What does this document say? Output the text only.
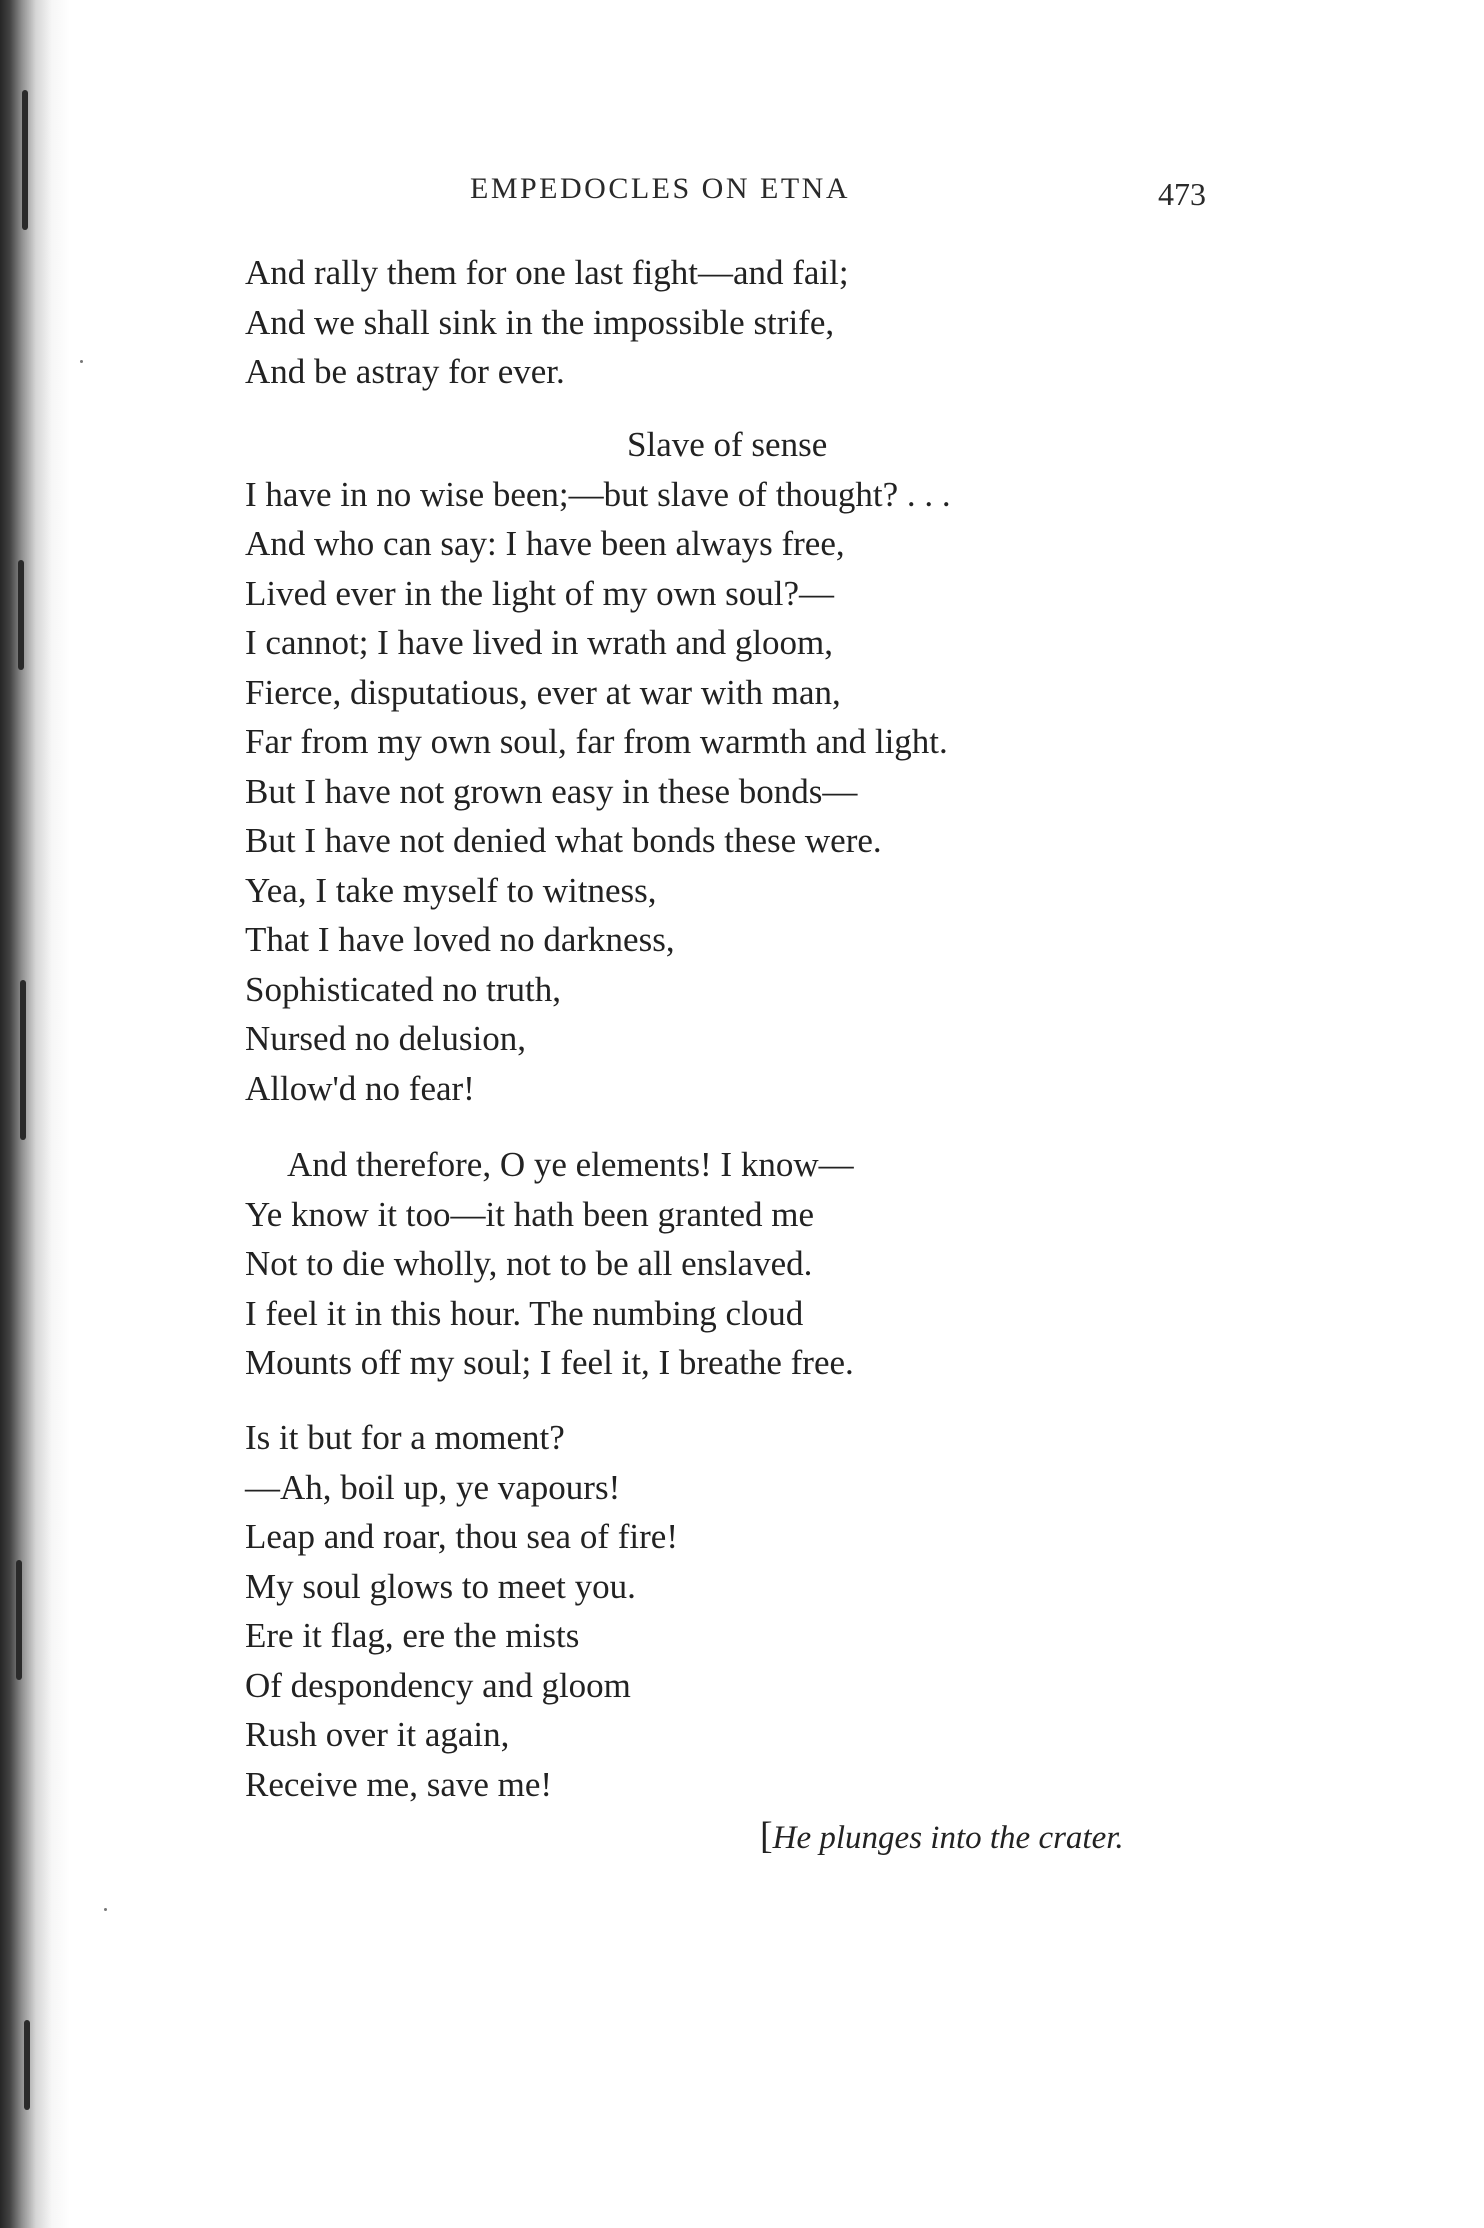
EMPEDOCLES ON ETNA	473
And rally them for one last fight—and fail;
And we shall sink in the impossible strife,
And be astray for ever.
Slave of sense
I have in no wise been;—but slave of thought? . . .
And who can say: I have been always free,
Lived ever in the light of my own soul?—
I cannot; I have lived in wrath and gloom,
Fierce, disputatious, ever at war with man,
Far from my own soul, far from warmth and light.
But I have not grown easy in these bonds—
But I have not denied what bonds these were.
Yea, I take myself to witness,
That I have loved no darkness,
Sophisticated no truth,
Nursed no delusion,
Allow'd no fear!
And therefore, O ye elements! I know—
Ye know it too—it hath been granted me
Not to die wholly, not to be all enslaved.
I feel it in this hour. The numbing cloud
Mounts off my soul; I feel it, I breathe free.
Is it but for a moment?
—Ah, boil up, ye vapours!
Leap and roar, thou sea of fire!
My soul glows to meet you.
Ere it flag, ere the mists
Of despondency and gloom
Rush over it again,
Receive me, save me!
[He plunges into the crater.
